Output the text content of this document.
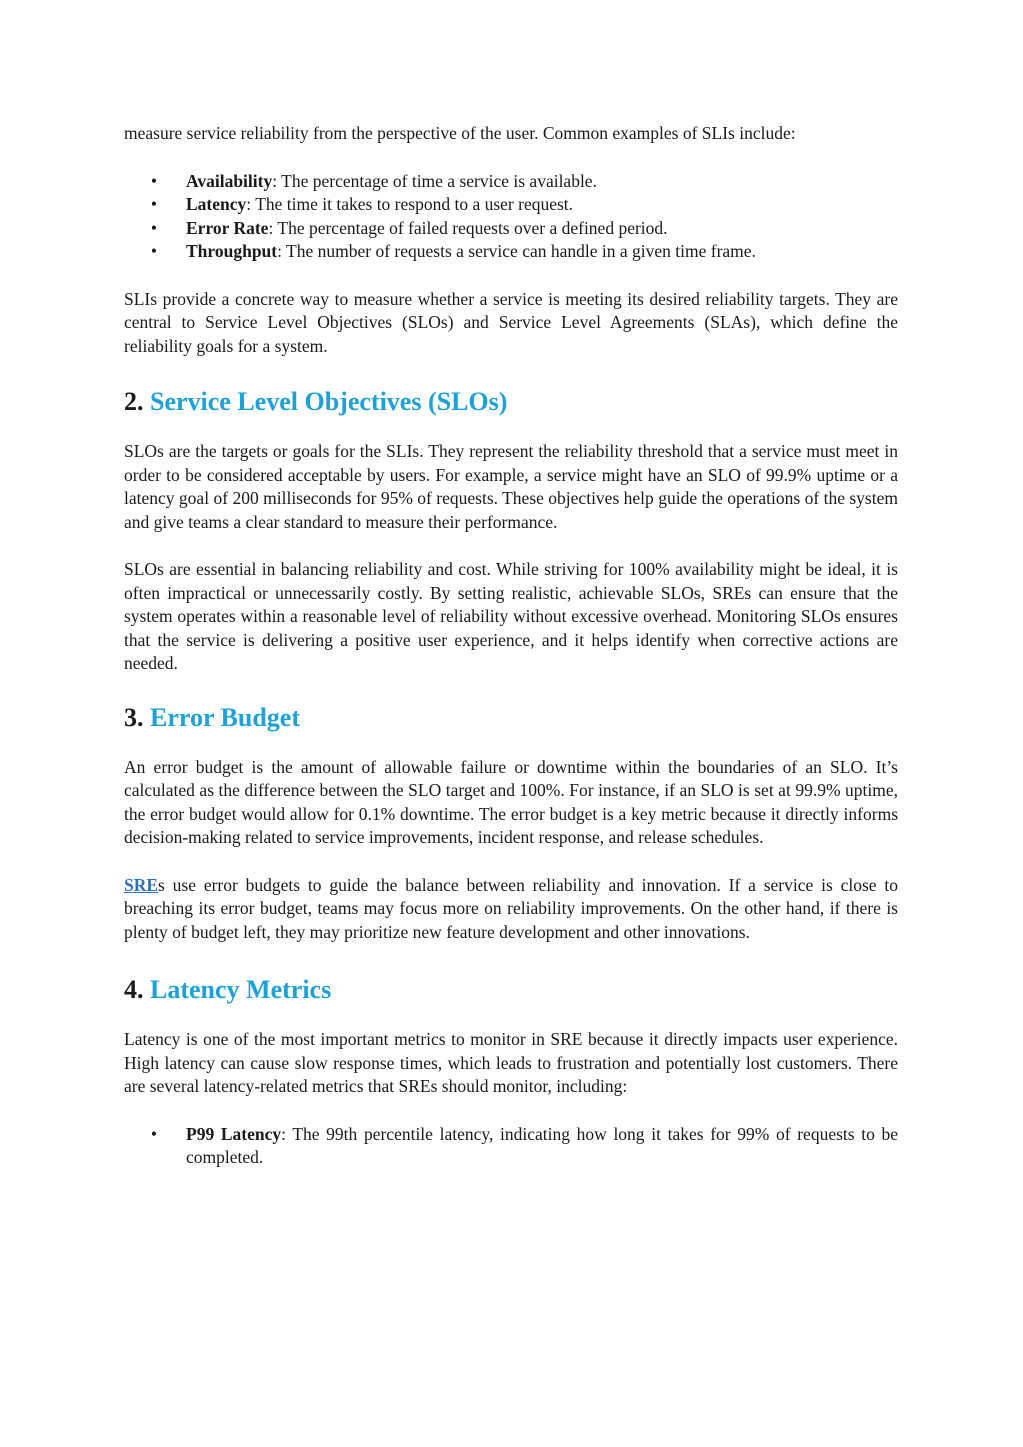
measure service reliability from the perspective of the user. Common examples of SLIs include:

•	Availability: The percentage of time a service is available.
•	Latency: The time it takes to respond to a user request.
•	Error Rate: The percentage of failed requests over a defined period.
•	Throughput: The number of requests a service can handle in a given time frame.

SLIs provide a concrete way to measure whether a service is meeting its desired reliability targets. They are central to Service Level Objectives (SLOs) and Service Level Agreements (SLAs), which define the reliability goals for a system.

2. Service Level Objectives (SLOs)

SLOs are the targets or goals for the SLIs. They represent the reliability threshold that a service must meet in order to be considered acceptable by users. For example, a service might have an SLO of 99.9% uptime or a latency goal of 200 milliseconds for 95% of requests. These objectives help guide the operations of the system and give teams a clear standard to measure their performance.

SLOs are essential in balancing reliability and cost. While striving for 100% availability might be ideal, it is often impractical or unnecessarily costly. By setting realistic, achievable SLOs, SREs can ensure that the system operates within a reasonable level of reliability without excessive overhead. Monitoring SLOs ensures that the service is delivering a positive user experience, and it helps identify when corrective actions are needed.

3. Error Budget

An error budget is the amount of allowable failure or downtime within the boundaries of an SLO. It’s calculated as the difference between the SLO target and 100%. For instance, if an SLO is set at 99.9% uptime, the error budget would allow for 0.1% downtime. The error budget is a key metric because it directly informs decision-making related to service improvements, incident response, and release schedules.

SREs use error budgets to guide the balance between reliability and innovation. If a service is close to breaching its error budget, teams may focus more on reliability improvements. On the other hand, if there is plenty of budget left, they may prioritize new feature development and other innovations.

4. Latency Metrics

Latency is one of the most important metrics to monitor in SRE because it directly impacts user experience. High latency can cause slow response times, which leads to frustration and potentially lost customers. There are several latency-related metrics that SREs should monitor, including:

•	P99 Latency: The 99th percentile latency, indicating how long it takes for 99% of requests to be completed.
